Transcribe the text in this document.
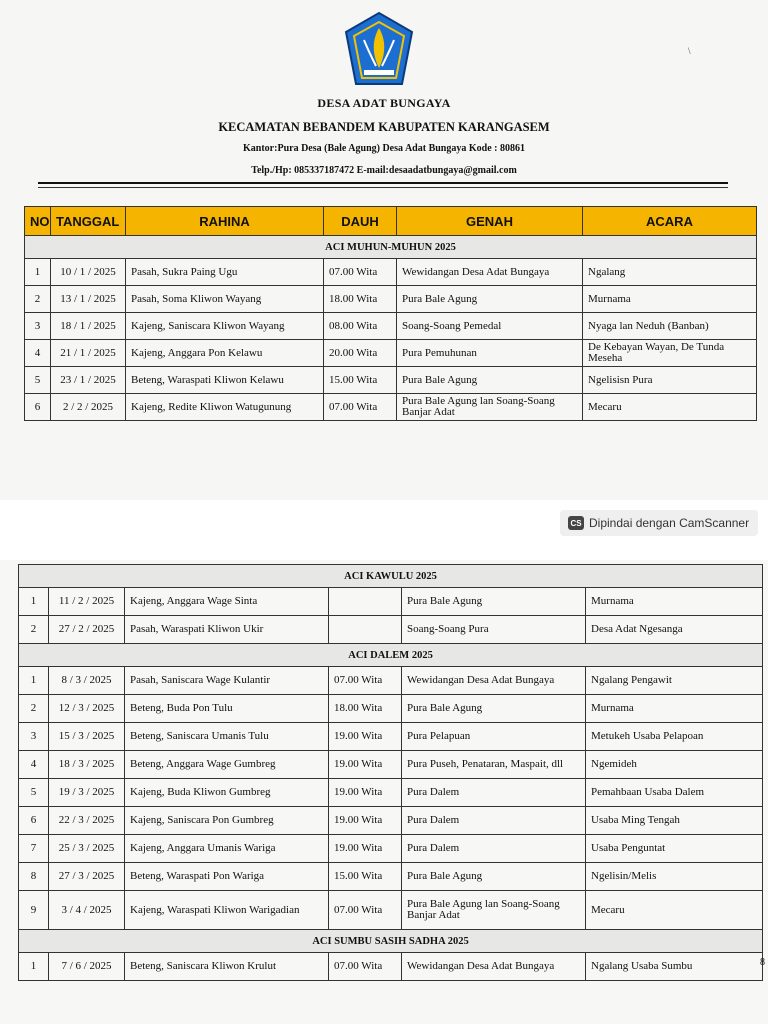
\
DESA ADAT BUNGAYA
KECAMATAN BEBANDEM KABUPATEN KARANGASEM
Kantor:Pura Desa (Bale Agung) Desa Adat Bungaya Kode : 80861
Telp./Hp: 085337187472 E-mail:desaadatbungaya@gmail.com
NO	TANGGAL	RAHINA	DAUH	GENAH	ACARA
ACI MUHUN-MUHUN 2025					
1	10 / 1 / 2025	Pasah, Sukra Paing Ugu	07.00 Wita	Wewidangan Desa Adat Bungaya	Ngalang
2	13 / 1 / 2025	Pasah, Soma Kliwon Wayang	18.00 Wita	Pura Bale Agung	Murnama
3	18 / 1 / 2025	Kajeng, Saniscara Kliwon Wayang	08.00 Wita	Soang-Soang Pemedal	Nyaga lan Neduh (Banban)
4	21 / 1 / 2025	Kajeng, Anggara Pon Kelawu	20.00 Wita	Pura Pemuhunan	De Kebayan Wayan, De Tunda Meseha
5	23 / 1 / 2025	Beteng, Waraspati Kliwon Kelawu	15.00 Wita	Pura Bale Agung	Ngelisisn Pura
6	2 / 2 / 2025	Kajeng, Redite Kliwon Watugunung	07.00 Wita	Pura Bale Agung lan Soang-Soang Banjar Adat	Mecaru
CS Dipindai dengan CamScanner
ACI KAWULU 2025					
1	11 / 2 / 2025	Kajeng, Anggara Wage Sinta		Pura Bale Agung	Murnama
2	27 / 2 / 2025	Pasah, Waraspati Kliwon Ukir		Soang-Soang Pura	Desa Adat Ngesanga
ACI DALEM 2025					
1	8 / 3 / 2025	Pasah, Saniscara Wage Kulantir	07.00 Wita	Wewidangan Desa Adat Bungaya	Ngalang Pengawit
2	12 / 3 / 2025	Beteng, Buda Pon Tulu	18.00 Wita	Pura Bale Agung	Murnama
3	15 / 3 / 2025	Beteng, Saniscara Umanis Tulu	19.00 Wita	Pura Pelapuan	Metukeh Usaba Pelapoan
4	18 / 3 / 2025	Beteng, Anggara Wage Gumbreg	19.00 Wita	Pura Puseh, Penataran, Maspait, dll	Ngemideh
5	19 / 3 / 2025	Kajeng, Buda Kliwon Gumbreg	19.00 Wita	Pura Dalem	Pemahbaan Usaba Dalem
6	22 / 3 / 2025	Kajeng, Saniscara Pon Gumbreg	19.00 Wita	Pura Dalem	Usaba Ming Tengah
7	25 / 3 / 2025	Kajeng, Anggara Umanis Wariga	19.00 Wita	Pura Dalem	Usaba Penguntat
8	27 / 3 / 2025	Beteng, Waraspati Pon Wariga	15.00 Wita	Pura Bale Agung	Ngelisin/Melis
9	3 / 4 / 2025	Kajeng, Waraspati Kliwon Warigadian	07.00 Wita	Pura Bale Agung lan Soang-Soang Banjar Adat	Mecaru
ACI SUMBU SASIH SADHA 2025					
1	7 / 6 / 2025	Beteng, Saniscara Kliwon Krulut	07.00 Wita	Wewidangan Desa Adat Bungaya	Ngalang Usaba Sumbu	8
